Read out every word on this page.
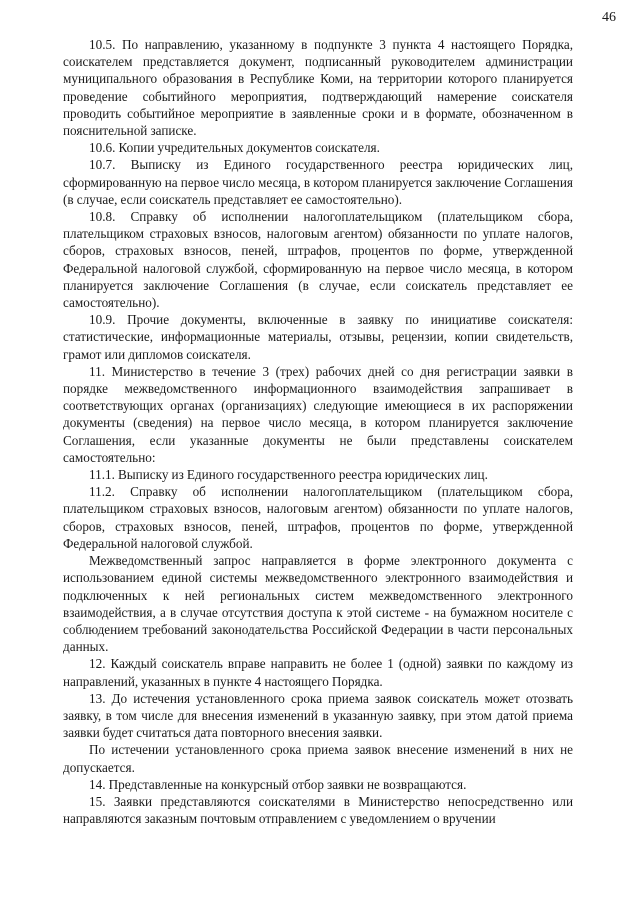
46

10.5. По направлению, указанному в подпункте 3 пункта 4 настоящего Порядка, соискателем представляется документ, подписанный руководителем администрации муниципального образования в Республике Коми, на территории которого планируется проведение событийного мероприятия, подтверждающий намерение соискателя проводить событийное мероприятие в заявленные сроки и в формате, обозначенном в пояснительной записке.

10.6. Копии учредительных документов соискателя.

10.7. Выписку из Единого государственного реестра юридических лиц, сформированную на первое число месяца, в котором планируется заключение Соглашения (в случае, если соискатель представляет ее самостоятельно).

10.8. Справку об исполнении налогоплательщиком (плательщиком сбора, плательщиком страховых взносов, налоговым агентом) обязанности по уплате налогов, сборов, страховых взносов, пеней, штрафов, процентов по форме, утвержденной Федеральной налоговой службой, сформированную на первое число месяца, в котором планируется заключение Соглашения (в случае, если соискатель представляет ее самостоятельно).

10.9. Прочие документы, включенные в заявку по инициативе соискателя: статистические, информационные материалы, отзывы, рецензии, копии свидетельств, грамот или дипломов соискателя.

11. Министерство в течение 3 (трех) рабочих дней со дня регистрации заявки в порядке межведомственного информационного взаимодействия запрашивает в соответствующих органах (организациях) следующие имеющиеся в их распоряжении документы (сведения) на первое число месяца, в котором планируется заключение Соглашения, если указанные документы не были представлены соискателем самостоятельно:

11.1. Выписку из Единого государственного реестра юридических лиц.

11.2. Справку об исполнении налогоплательщиком (плательщиком сбора, плательщиком страховых взносов, налоговым агентом) обязанности по уплате налогов, сборов, страховых взносов, пеней, штрафов, процентов по форме, утвержденной Федеральной налоговой службой.

Межведомственный запрос направляется в форме электронного документа с использованием единой системы межведомственного электронного взаимодействия и подключенных к ней региональных систем межведомственного электронного взаимодействия, а в случае отсутствия доступа к этой системе - на бумажном носителе с соблюдением требований законодательства Российской Федерации в части персональных данных.

12. Каждый соискатель вправе направить не более 1 (одной) заявки по каждому из направлений, указанных в пункте 4 настоящего Порядка.

13. До истечения установленного срока приема заявок соискатель может отозвать заявку, в том числе для внесения изменений в указанную заявку, при этом датой приема заявки будет считаться дата повторного внесения заявки.

По истечении установленного срока приема заявок внесение изменений в них не допускается.

14. Представленные на конкурсный отбор заявки не возвращаются.

15. Заявки представляются соискателями в Министерство непосредственно или направляются заказным почтовым отправлением с уведомлением о вручении
